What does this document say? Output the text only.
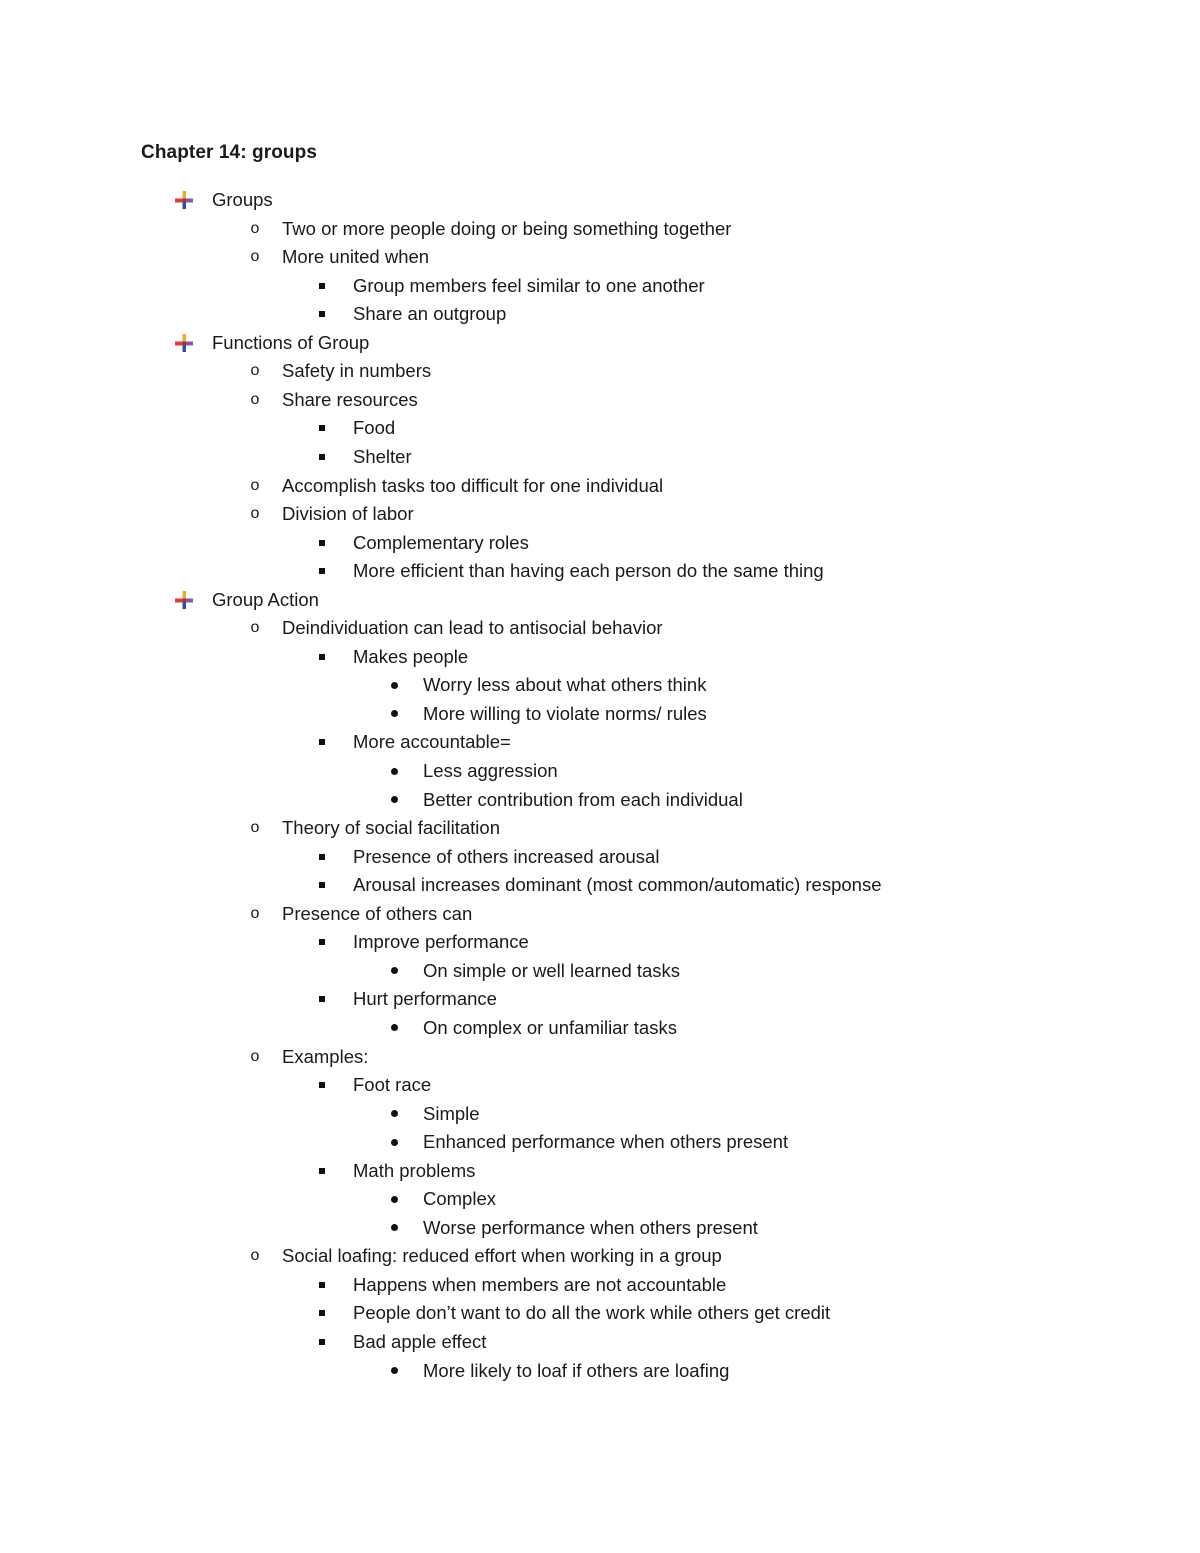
Chapter 14: groups
Groups
o Two or more people doing or being something together
o More united when
Group members feel similar to one another
Share an outgroup
Functions of Group
o Safety in numbers
o Share resources
Food
Shelter
o Accomplish tasks too difficult for one individual
o Division of labor
Complementary roles
More efficient than having each person do the same thing
Group Action
o Deindividuation can lead to antisocial behavior
Makes people
Worry less about what others think
More willing to violate norms/ rules
More accountable=
Less aggression
Better contribution from each individual
o Theory of social facilitation
Presence of others increased arousal
Arousal increases dominant (most common/automatic) response
o Presence of others can
Improve performance
On simple or well learned tasks
Hurt performance
On complex or unfamiliar tasks
o Examples:
Foot race
Simple
Enhanced performance when others present
Math problems
Complex
Worse performance when others present
o Social loafing: reduced effort when working in a group
Happens when members are not accountable
People don’t want to do all the work while others get credit
Bad apple effect
More likely to loaf if others are loafing
